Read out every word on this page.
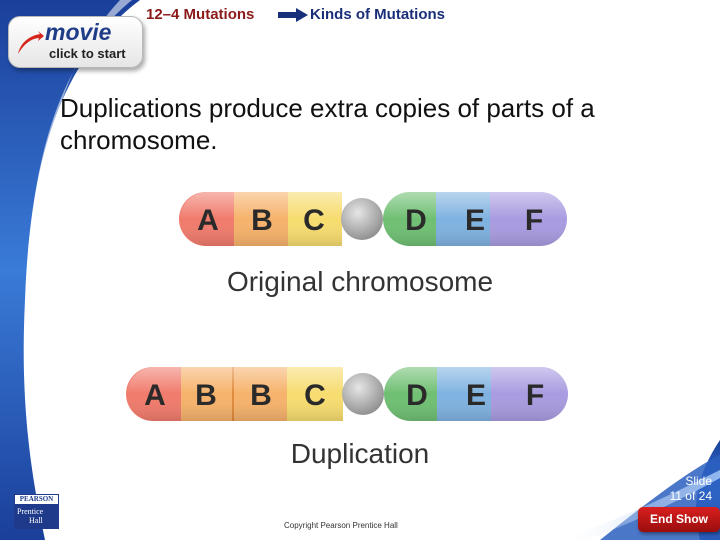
12–4 Mutations	Kinds of Mutations
movie
click to start
Duplications produce extra copies of parts of a chromosome.
A B C	D E F
Original chromosome
A B B C	D E F
Duplication
Slide
11 of 24
PEARSON
Prentice
Hall
Copyright Pearson Prentice Hall	End Show
